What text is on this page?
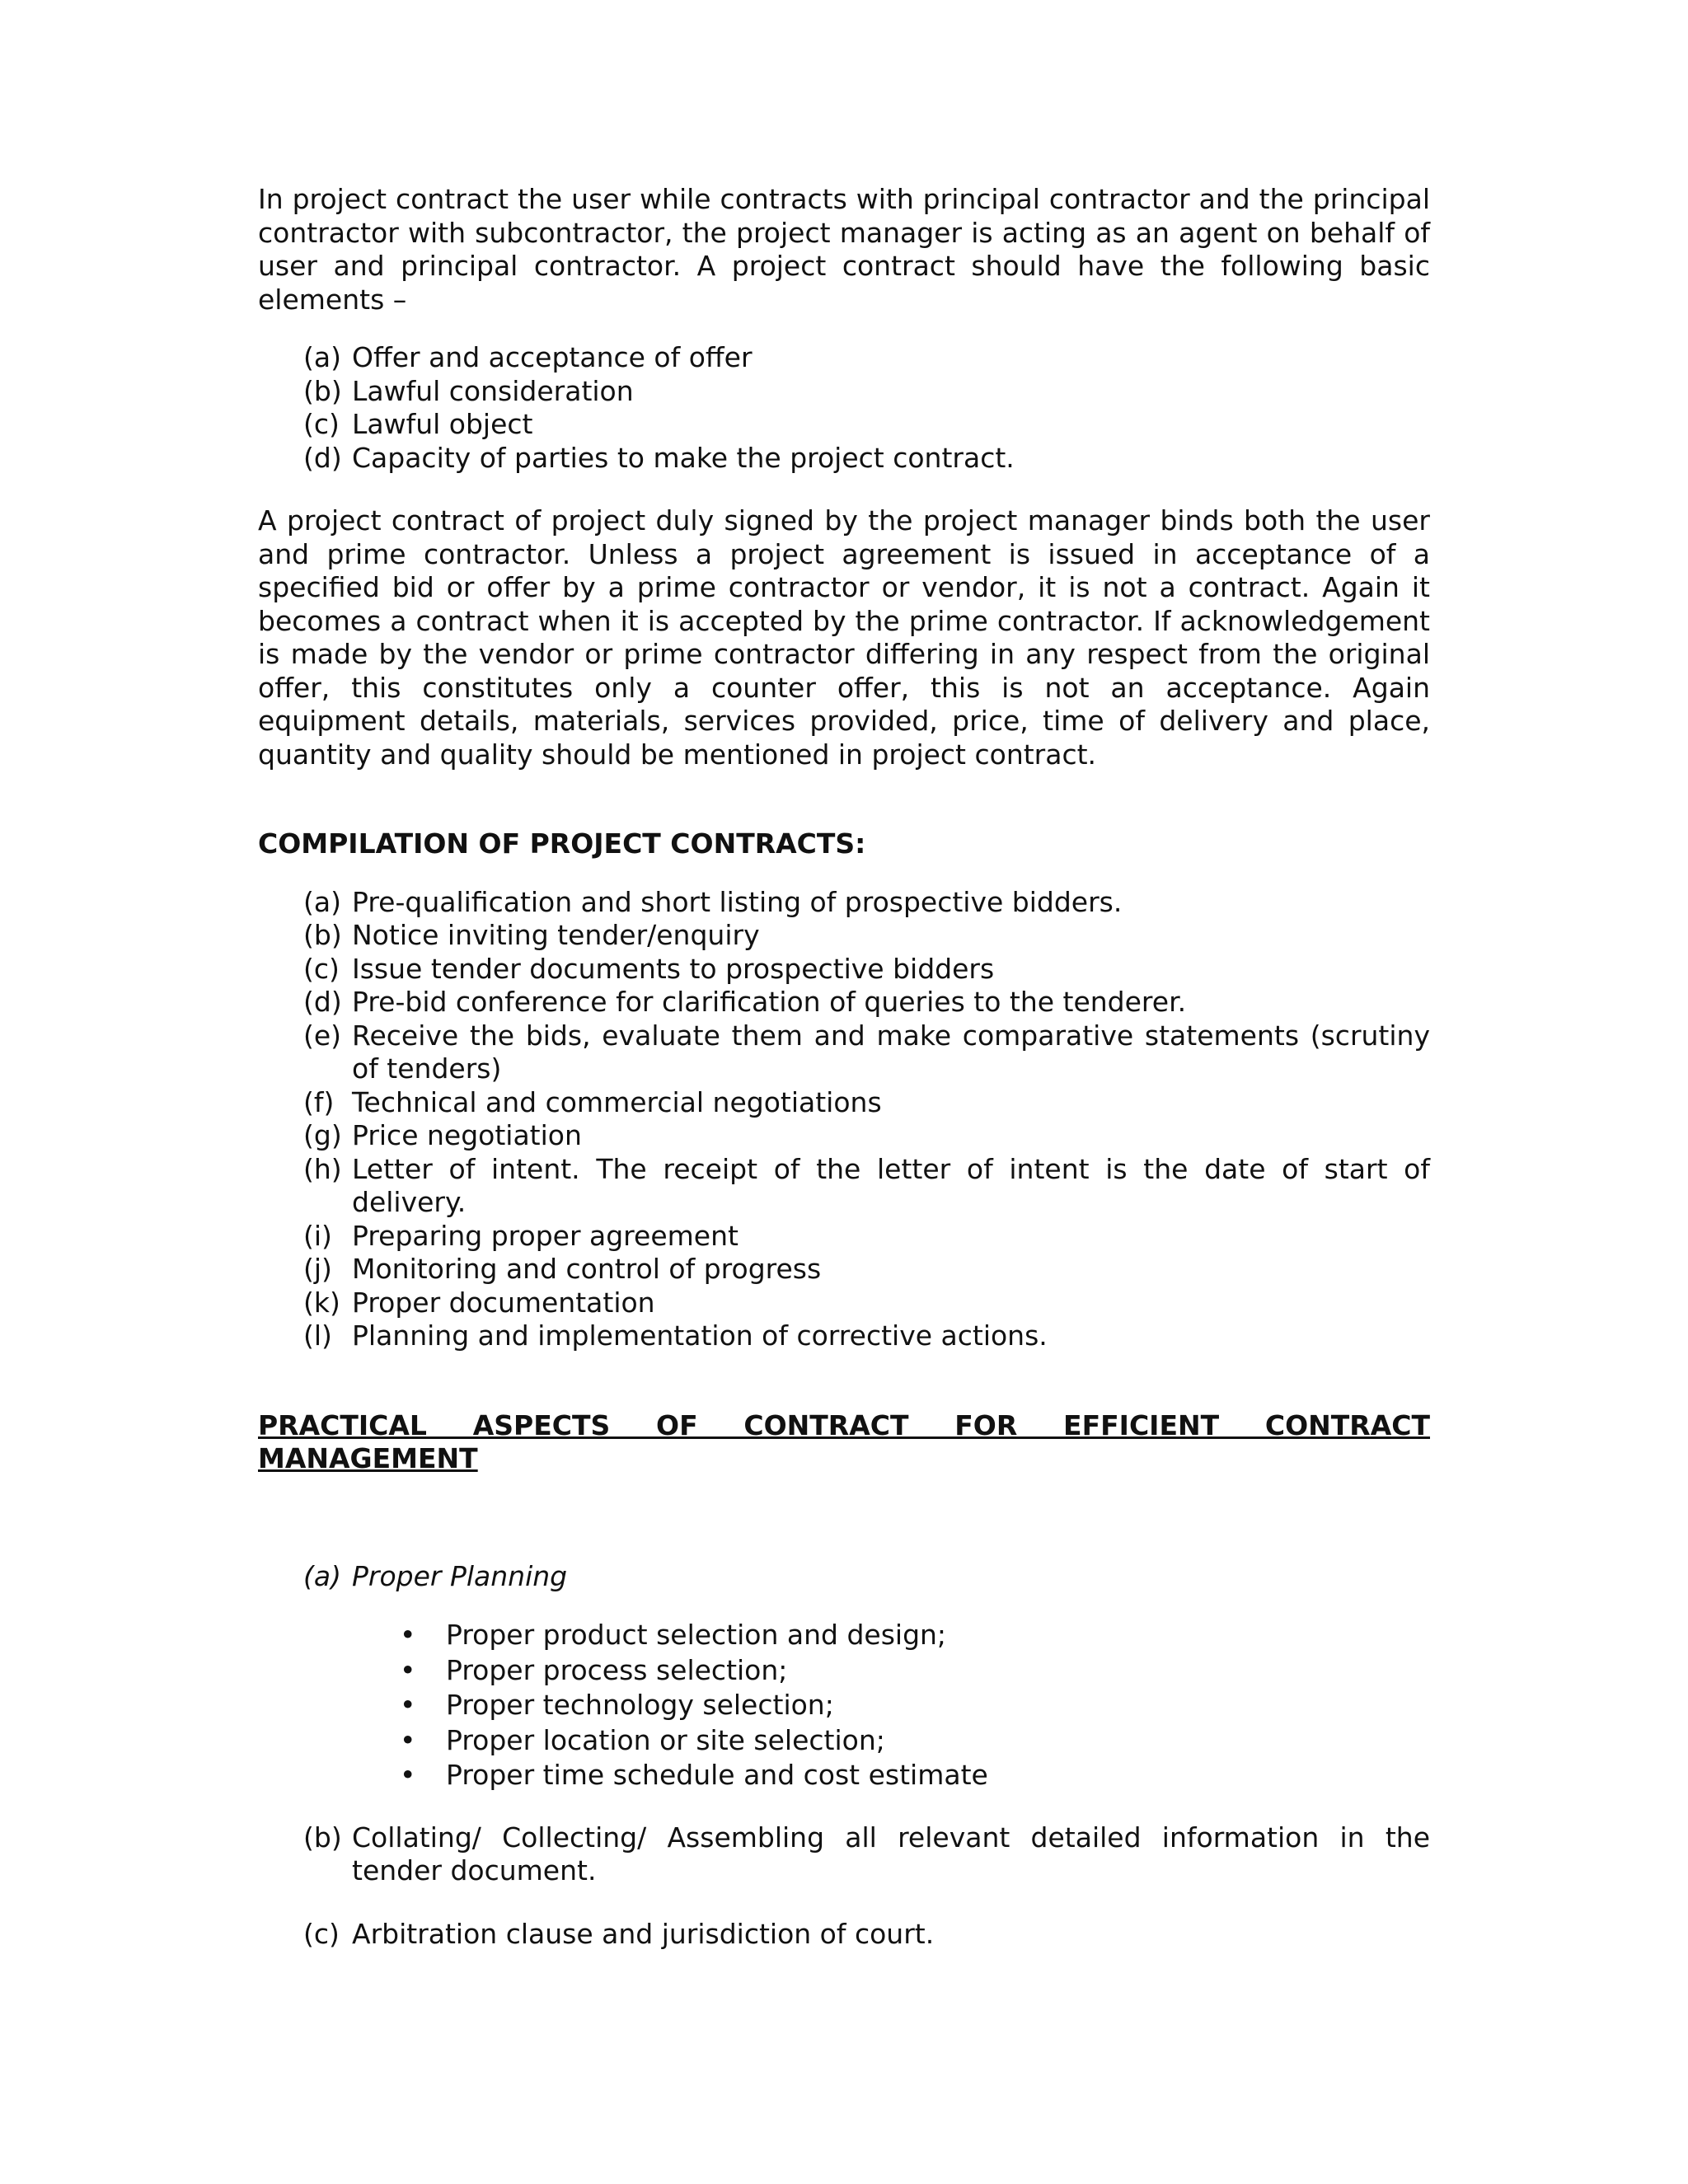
In project contract the user while contracts with principal contractor and the principal contractor with subcontractor, the project manager is acting as an agent on behalf of user and principal contractor. A project contract should have the following basic elements –

(a) Offer and acceptance of offer
(b) Lawful consideration
(c) Lawful object
(d) Capacity of parties to make the project contract.

A project contract of project duly signed by the project manager binds both the user and prime contractor. Unless a project agreement is issued in acceptance of a specified bid or offer by a prime contractor or vendor, it is not a contract. Again it becomes a contract when it is accepted by the prime contractor. If acknowledgement is made by the vendor or prime contractor differing in any respect from the original offer, this constitutes only a counter offer, this is not an acceptance. Again equipment details, materials, services provided, price, time of delivery and place, quantity and quality should be mentioned in project contract.

COMPILATION OF PROJECT CONTRACTS:
(a) Pre-qualification and short listing of prospective bidders.
(b) Notice inviting tender/enquiry
(c) Issue tender documents to prospective bidders
(d) Pre-bid conference for clarification of queries to the tenderer.
(e) Receive the bids, evaluate them and make comparative statements (scrutiny of tenders)
(f) Technical and commercial negotiations
(g) Price negotiation
(h) Letter of intent. The receipt of the letter of intent is the date of start of delivery.
(i) Preparing proper agreement
(j) Monitoring and control of progress
(k) Proper documentation
(l) Planning and implementation of corrective actions.
PRACTICAL ASPECTS OF CONTRACT FOR EFFICIENT CONTRACT MANAGEMENT
(a) Proper Planning
• Proper product selection and design;
• Proper process selection;
• Proper technology selection;
• Proper location or site selection;
• Proper time schedule and cost estimate
(b) Collating/ Collecting/ Assembling all relevant detailed information in the tender document.
(c) Arbitration clause and jurisdiction of court.
